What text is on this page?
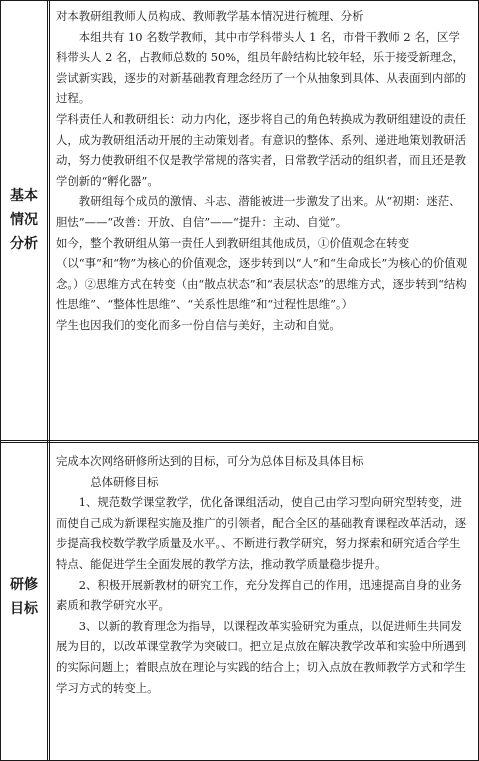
基本
情况
分析

对本教研组教师人员构成、教师教学基本情况进行梳理、分析

本组共有 10 名数学教师，其中市学科带头人 1 名，市骨干教师 2 名，区学科带头人 2 名，占教师总数的 50%，组员年龄结构比较年轻，乐于接受新理念，尝试新实践，逐步的对新基础教育理念经历了一个从抽象到具体、从表面到内部的过程。

学科责任人和教研组长：动力内化，逐步将自己的角色转换成为教研组建设的责任人，成为教研组活动开展的主动策划者。有意识的整体、系列、递进地策划教研活动，努力使教研组不仅是教学常规的落实者，日常教学活动的组织者，而且还是教学创新的“孵化器”。

教研组每个成员的激情、斗志、潜能被进一步激发了出来。从“初期：迷茫、胆怯”——“改善：开放、自信”——“提升：主动、自觉”。

如今，整个教研组从第一责任人到教研组其他成员，①价值观念在转变（以“事”和“物”为核心的价值观念，逐步转到以“人”和“生命成长”为核心的价值观念。）②思维方式在转变（由“散点状态”和“表层状态”的思维方式，逐步转到“结构性思维”、“整体性思维”、“关系性思维”和“过程性思维”。）

学生也因我们的变化而多一份自信与美好，主动和自觉。

研修
目标

完成本次网络研修所达到的目标，可分为总体目标及具体目标

总体研修目标

1、规范数学课堂教学，优化备课组活动，使自己由学习型向研究型转变，进而使自己成为新课程实施及推广的引领者，配合全区的基础教育课程改革活动，逐步提高我校数学教学质量及水平。、不断进行教学研究，努力探索和研究适合学生特点、能促进学生全面发展的教学方法，推动教学质量稳步提升。

2、积极开展新教材的研究工作，充分发挥自己的作用，迅速提高自身的业务素质和教学研究水平。

3、以新的教育理念为指导，以课程改革实验研究为重点，以促进师生共同发展为目的，以改革课堂教学为突破口。把立足点放在解决教学改革和实验中所遇到的实际问题上；着眼点放在理论与实践的结合上；切入点放在教师教学方式和学生学习方式的转变上。
